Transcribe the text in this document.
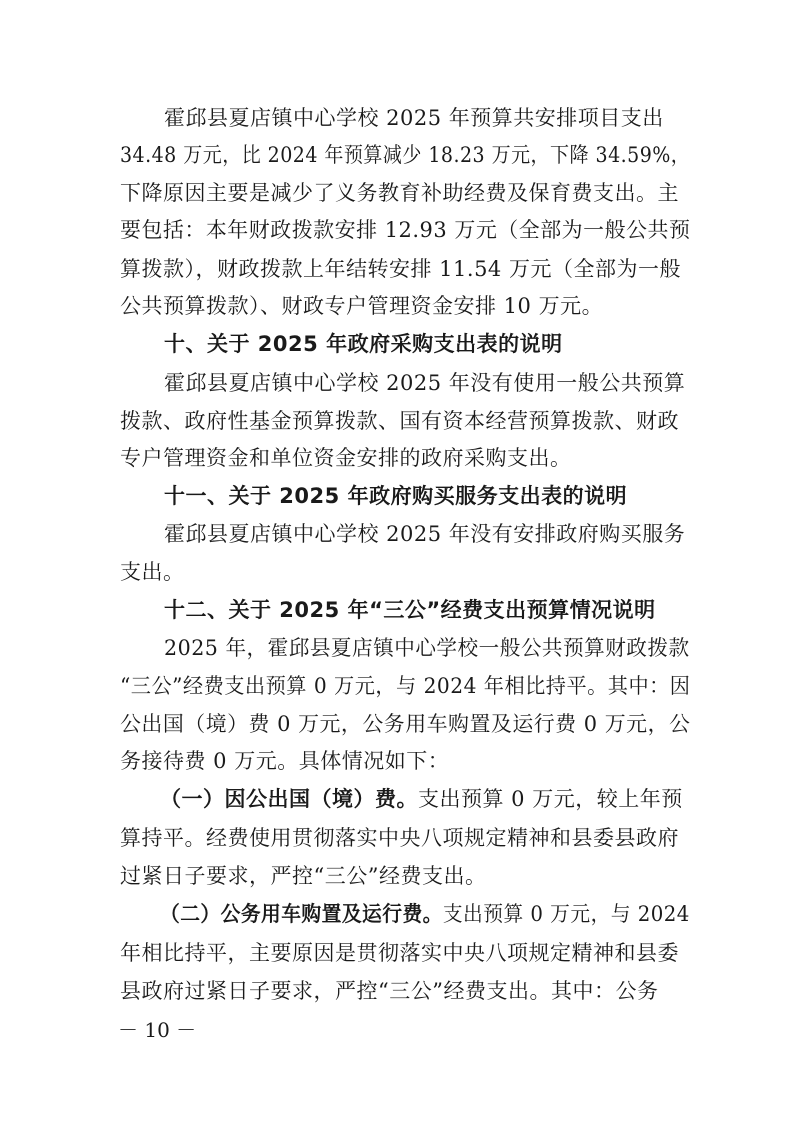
霍邱县夏店镇中心学校 2025 年预算共安排项目支出
34.48 万元，比 2024 年预算减少 18.23 万元，下降 34.59%，
下降原因主要是减少了义务教育补助经费及保育费支出。主
要包括：本年财政拨款安排 12.93 万元（全部为一般公共预
算拨款），财政拨款上年结转安排 11.54 万元（全部为一般
公共预算拨款）、财政专户管理资金安排 10 万元。
十、关于 2025 年政府采购支出表的说明
霍邱县夏店镇中心学校 2025 年没有使用一般公共预算
拨款、政府性基金预算拨款、国有资本经营预算拨款、财政
专户管理资金和单位资金安排的政府采购支出。
十一、关于 2025 年政府购买服务支出表的说明
霍邱县夏店镇中心学校 2025 年没有安排政府购买服务
支出。
十二、关于 2025 年“三公”经费支出预算情况说明
2025 年，霍邱县夏店镇中心学校一般公共预算财政拨款
“三公”经费支出预算 0 万元，与 2024 年相比持平。其中：因
公出国（境）费 0 万元，公务用车购置及运行费 0 万元，公
务接待费 0 万元。具体情况如下：
（一）因公出国（境）费。支出预算 0 万元，较上年预
算持平。经费使用贯彻落实中央八项规定精神和县委县政府
过紧日子要求，严控“三公”经费支出。
（二）公务用车购置及运行费。支出预算 0 万元，与 2024
年相比持平，主要原因是贯彻落实中央八项规定精神和县委
县政府过紧日子要求，严控“三公”经费支出。其中：公务
－ 10 －
